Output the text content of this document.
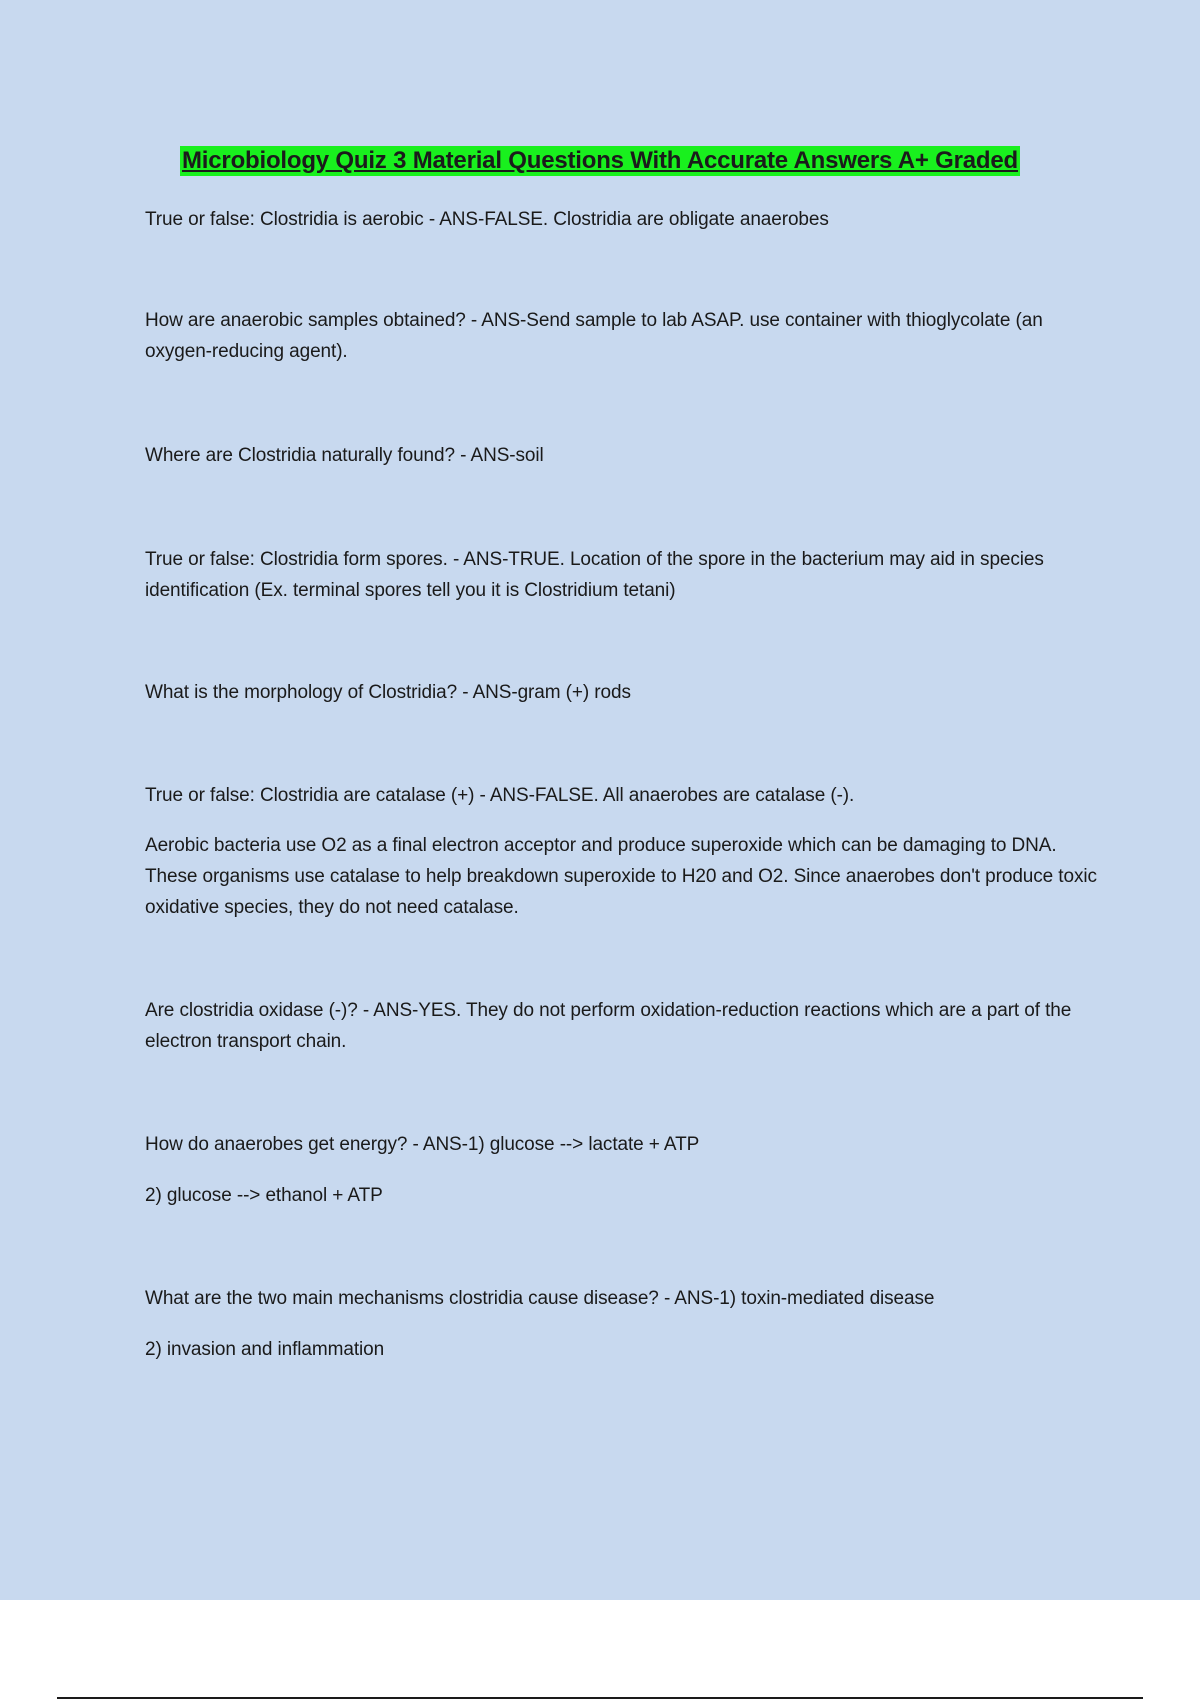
Microbiology Quiz 3 Material Questions With Accurate Answers A+ Graded
True or false: Clostridia is aerobic - ANS-FALSE. Clostridia are obligate anaerobes
How are anaerobic samples obtained? - ANS-Send sample to lab ASAP. use container with thioglycolate (an oxygen-reducing agent).
Where are Clostridia naturally found? - ANS-soil
True or false: Clostridia form spores. - ANS-TRUE. Location of the spore in the bacterium may aid in species identification (Ex. terminal spores tell you it is Clostridium tetani)
What is the morphology of Clostridia? - ANS-gram (+) rods
True or false: Clostridia are catalase (+) - ANS-FALSE. All anaerobes are catalase (-).
Aerobic bacteria use O2 as a final electron acceptor and produce superoxide which can be damaging to DNA. These organisms use catalase to help breakdown superoxide to H20 and O2. Since anaerobes don't produce toxic oxidative species, they do not need catalase.
Are clostridia oxidase (-)? - ANS-YES. They do not perform oxidation-reduction reactions which are a part of the electron transport chain.
How do anaerobes get energy? - ANS-1) glucose --> lactate + ATP
2) glucose --> ethanol + ATP
What are the two main mechanisms clostridia cause disease? - ANS-1) toxin-mediated disease
2) invasion and inflammation
